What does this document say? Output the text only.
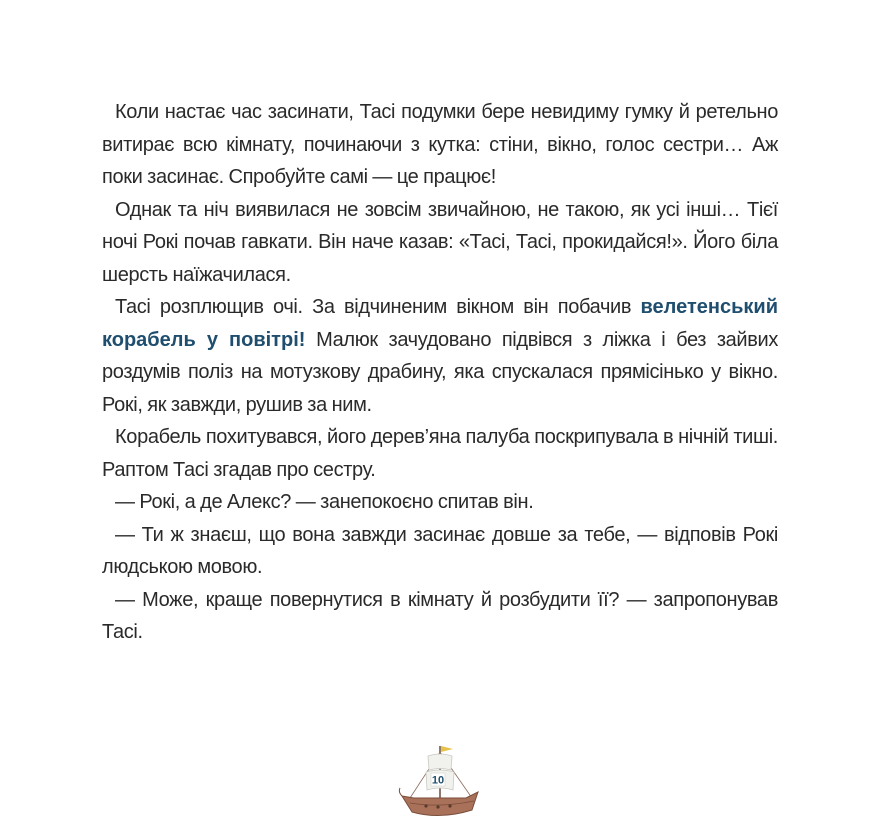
Коли настає час засинати, Тасі подумки бере невидиму гумку й ретельно витирає всю кімнату, починаючи з кутка: стіни, вікно, голос сестри… Аж поки засинає. Спробуйте самі — це працює!

Однак та ніч виявилася не зовсім звичайною, не такою, як усі інші… Тієї ночі Рокі почав гавкати. Він наче казав: «Тасі, Тасі, прокидайся!». Його біла шерсть наїжачилася.

Тасі розплющив очі. За відчиненим вікном він побачив велетенський корабель у повітрі! Малюк зачудовано підвівся з ліжка і без зайвих роздумів поліз на мотузкову драбину, яка спускалася прямісінько у вікно. Рокі, як завжди, рушив за ним.

Корабель похитувався, його дерев’яна палуба поскрипувала в нічній тиші. Раптом Тасі згадав про сестру.

— Рокі, а де Алекс? — занепокоєно спитав він.

— Ти ж знаєш, що вона завжди засинає довше за тебе, — відповів Рокі людською мовою.

— Може, краще повернутися в кімнату й розбудити її? — запропонував Тасі.

10
